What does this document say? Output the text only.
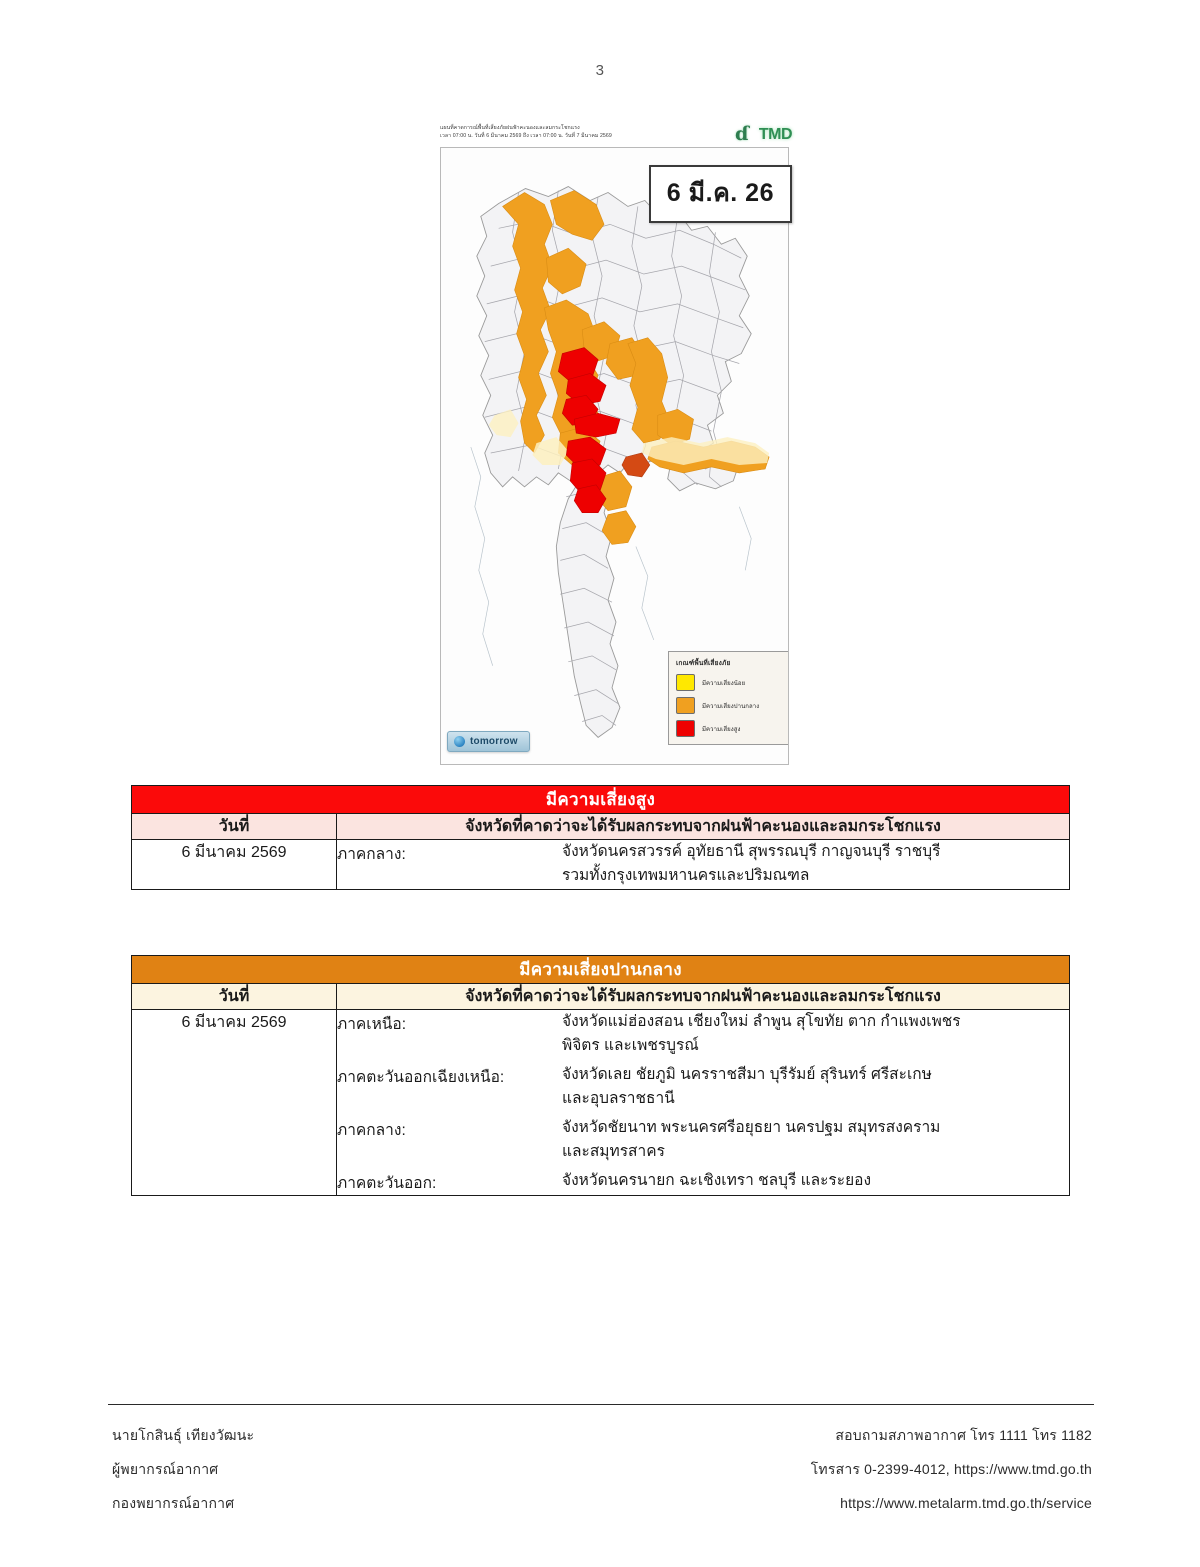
3
แผนที่คาดการณ์พื้นที่เสี่ยงภัยฝนฟ้าคะนองและลมกระโชกแรง
เวลา 07:00 น. วันที่ 6 มีนาคม 2569 ถึง เวลา 07:00 น. วันที่ 7 มีนาคม 2569	ɗ TMD
6 มี.ค. 26
เกณฑ์พื้นที่เสี่ยงภัย
มีความเสี่ยงน้อย
มีความเสี่ยงปานกลาง
มีความเสี่ยงสูง
tomorrow
มีความเสี่ยงสูง	
วันที่	จังหวัดที่คาดว่าจะได้รับผลกระทบจากฝนฟ้าคะนองและลมกระโชกแรง
6 มีนาคม 2569	ภาคกลาง: จังหวัดนครสวรรค์ อุทัยธานี สุพรรณบุรี กาญจนบุรี ราชบุรี
รวมทั้งกรุงเทพมหานครและปริมณฑล
มีความเสี่ยงปานกลาง	
วันที่	จังหวัดที่คาดว่าจะได้รับผลกระทบจากฝนฟ้าคะนองและลมกระโชกแรง
6 มีนาคม 2569	ภาคเหนือ:	จังหวัดแม่ฮ่องสอน เชียงใหม่ ลำพูน สุโขทัย ตาก กำแพงเพชร
พิจิตร และเพชรบูรณ์
ภาคตะวันออกเฉียงเหนือ:	จังหวัดเลย ชัยภูมิ นครราชสีมา บุรีรัมย์ สุรินทร์ ศรีสะเกษ
และอุบลราชธานี
ภาคกลาง:	จังหวัดชัยนาท พระนครศรีอยุธยา นครปฐม สมุทรสงคราม
และสมุทรสาคร
ภาคตะวันออก:	จังหวัดนครนายก ฉะเชิงเทรา ชลบุรี และระยอง
นายโกสินธุ์ เทียงวัฒนะ
ผู้พยากรณ์อากาศ
กองพยากรณ์อากาศ
สอบถามสภาพอากาศ โทร 1111 โทร 1182
โทรสาร 0-2399-4012, https://www.tmd.go.th
https://www.metalarm.tmd.go.th/service
